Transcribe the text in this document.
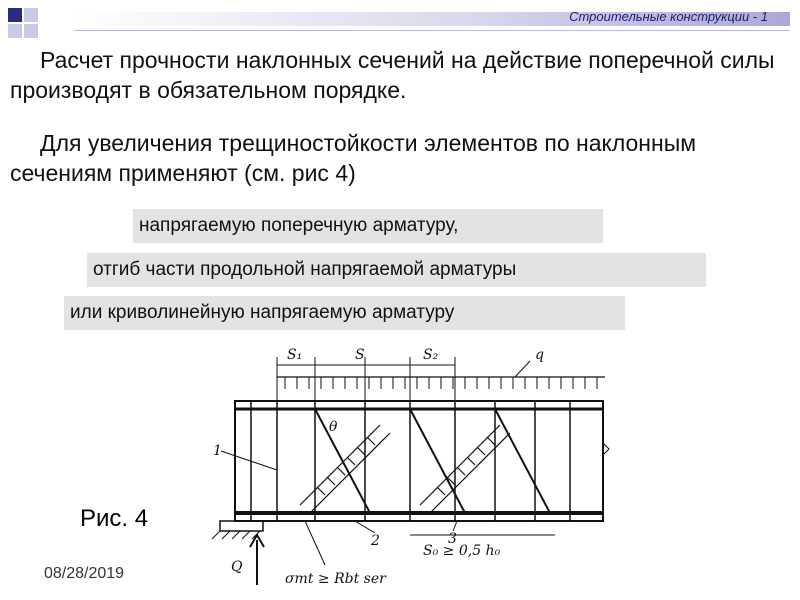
Строительные конструкции - 1
Расчет прочности наклонных сечений на действие поперечной силы производят в обязательном порядке.
Для увеличения трещиностойкости элементов по наклонным сечениям применяют (см. рис 4)
напрягаемую поперечную арматуру,
отгиб части продольной напрягаемой арматуры
или криволинейную напрягаемую арматуру
S₁	S	S₂	q
θ
1
Q
2	3
S₀ ≥ 0,5 h₀
σmt ≥ Rbt ser
Рис. 4
08/28/2019
